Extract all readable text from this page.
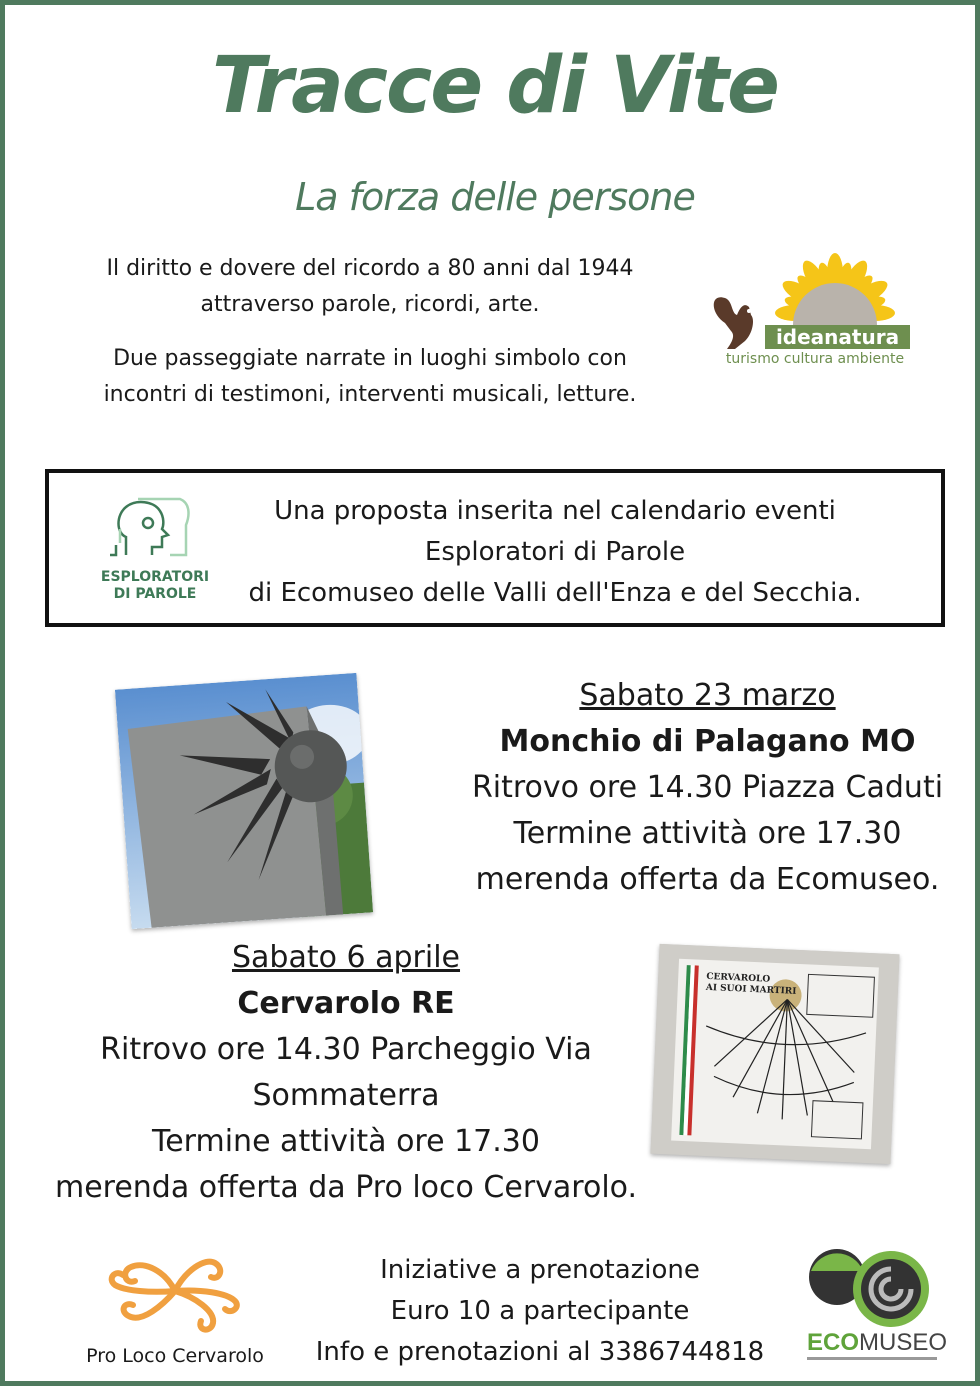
Tracce di Vite
La forza delle persone
Il diritto e dovere del ricordo a 80 anni dal 1944
attraverso parole, ricordi, arte.
Due passeggiate narrate in luoghi simbolo con
incontri di testimoni, interventi musicali, letture.
ideanatura
turismo cultura ambiente
ESPLORATORI
DI PAROLE
Una proposta inserita nel calendario eventi
Esploratori di Parole
di Ecomuseo delle Valli dell'Enza e del Secchia.
Sabato 23 marzo
Monchio di Palagano MO
Ritrovo ore 14.30 Piazza Caduti
Termine attività ore 17.30
merenda offerta da Ecomuseo.
Sabato 6 aprile
Cervarolo RE
Ritrovo ore 14.30 Parcheggio Via
Sommaterra
Termine attività ore 17.30
merenda offerta da Pro loco Cervarolo.
CERVAROLO
AI SUOI MARTIRI
Pro Loco Cervarolo
Iniziative a prenotazione
Euro 10 a partecipante
Info e prenotazioni al 3386744818	ECOMUSEO
